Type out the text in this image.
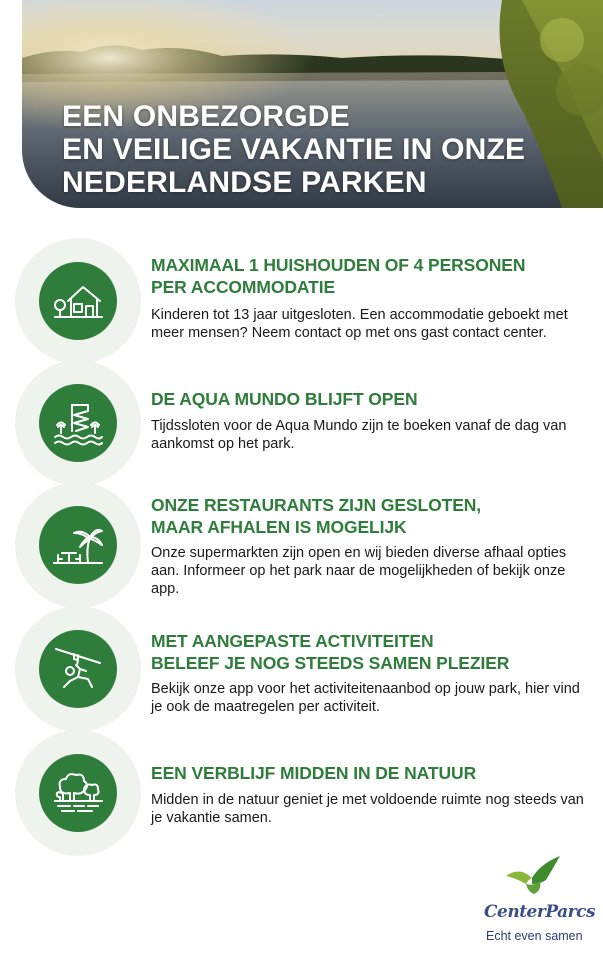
EEN ONBEZORGDE
EN VEILIGE VAKANTIE IN ONZE
NEDERLANDSE PARKEN
MAXIMAAL 1 HUISHOUDEN OF 4 PERSONEN
PER ACCOMMODATIE

Kinderen tot 13 jaar uitgesloten. Een accommodatie geboekt met meer mensen? Neem contact op met ons gast contact center.

DE AQUA MUNDO BLIJFT OPEN

Tijdssloten voor de Aqua Mundo zijn te boeken vanaf de dag van aankomst op het park.

ONZE RESTAURANTS ZIJN GESLOTEN,
MAAR AFHALEN IS MOGELIJK

Onze supermarkten zijn open en wij bieden diverse afhaal opties aan. Informeer op het park naar de mogelijkheden of bekijk onze app.

MET AANGEPASTE ACTIVITEITEN
BELEEF JE NOG STEEDS SAMEN PLEZIER

Bekijk onze app voor het activiteitenaanbod op jouw park, hier vind je ook de maatregelen per activiteit.

EEN VERBLIJF MIDDEN IN DE NATUUR

Midden in de natuur geniet je met voldoende ruimte nog steeds van je vakantie samen.

CenterParcs

Echt even samen
